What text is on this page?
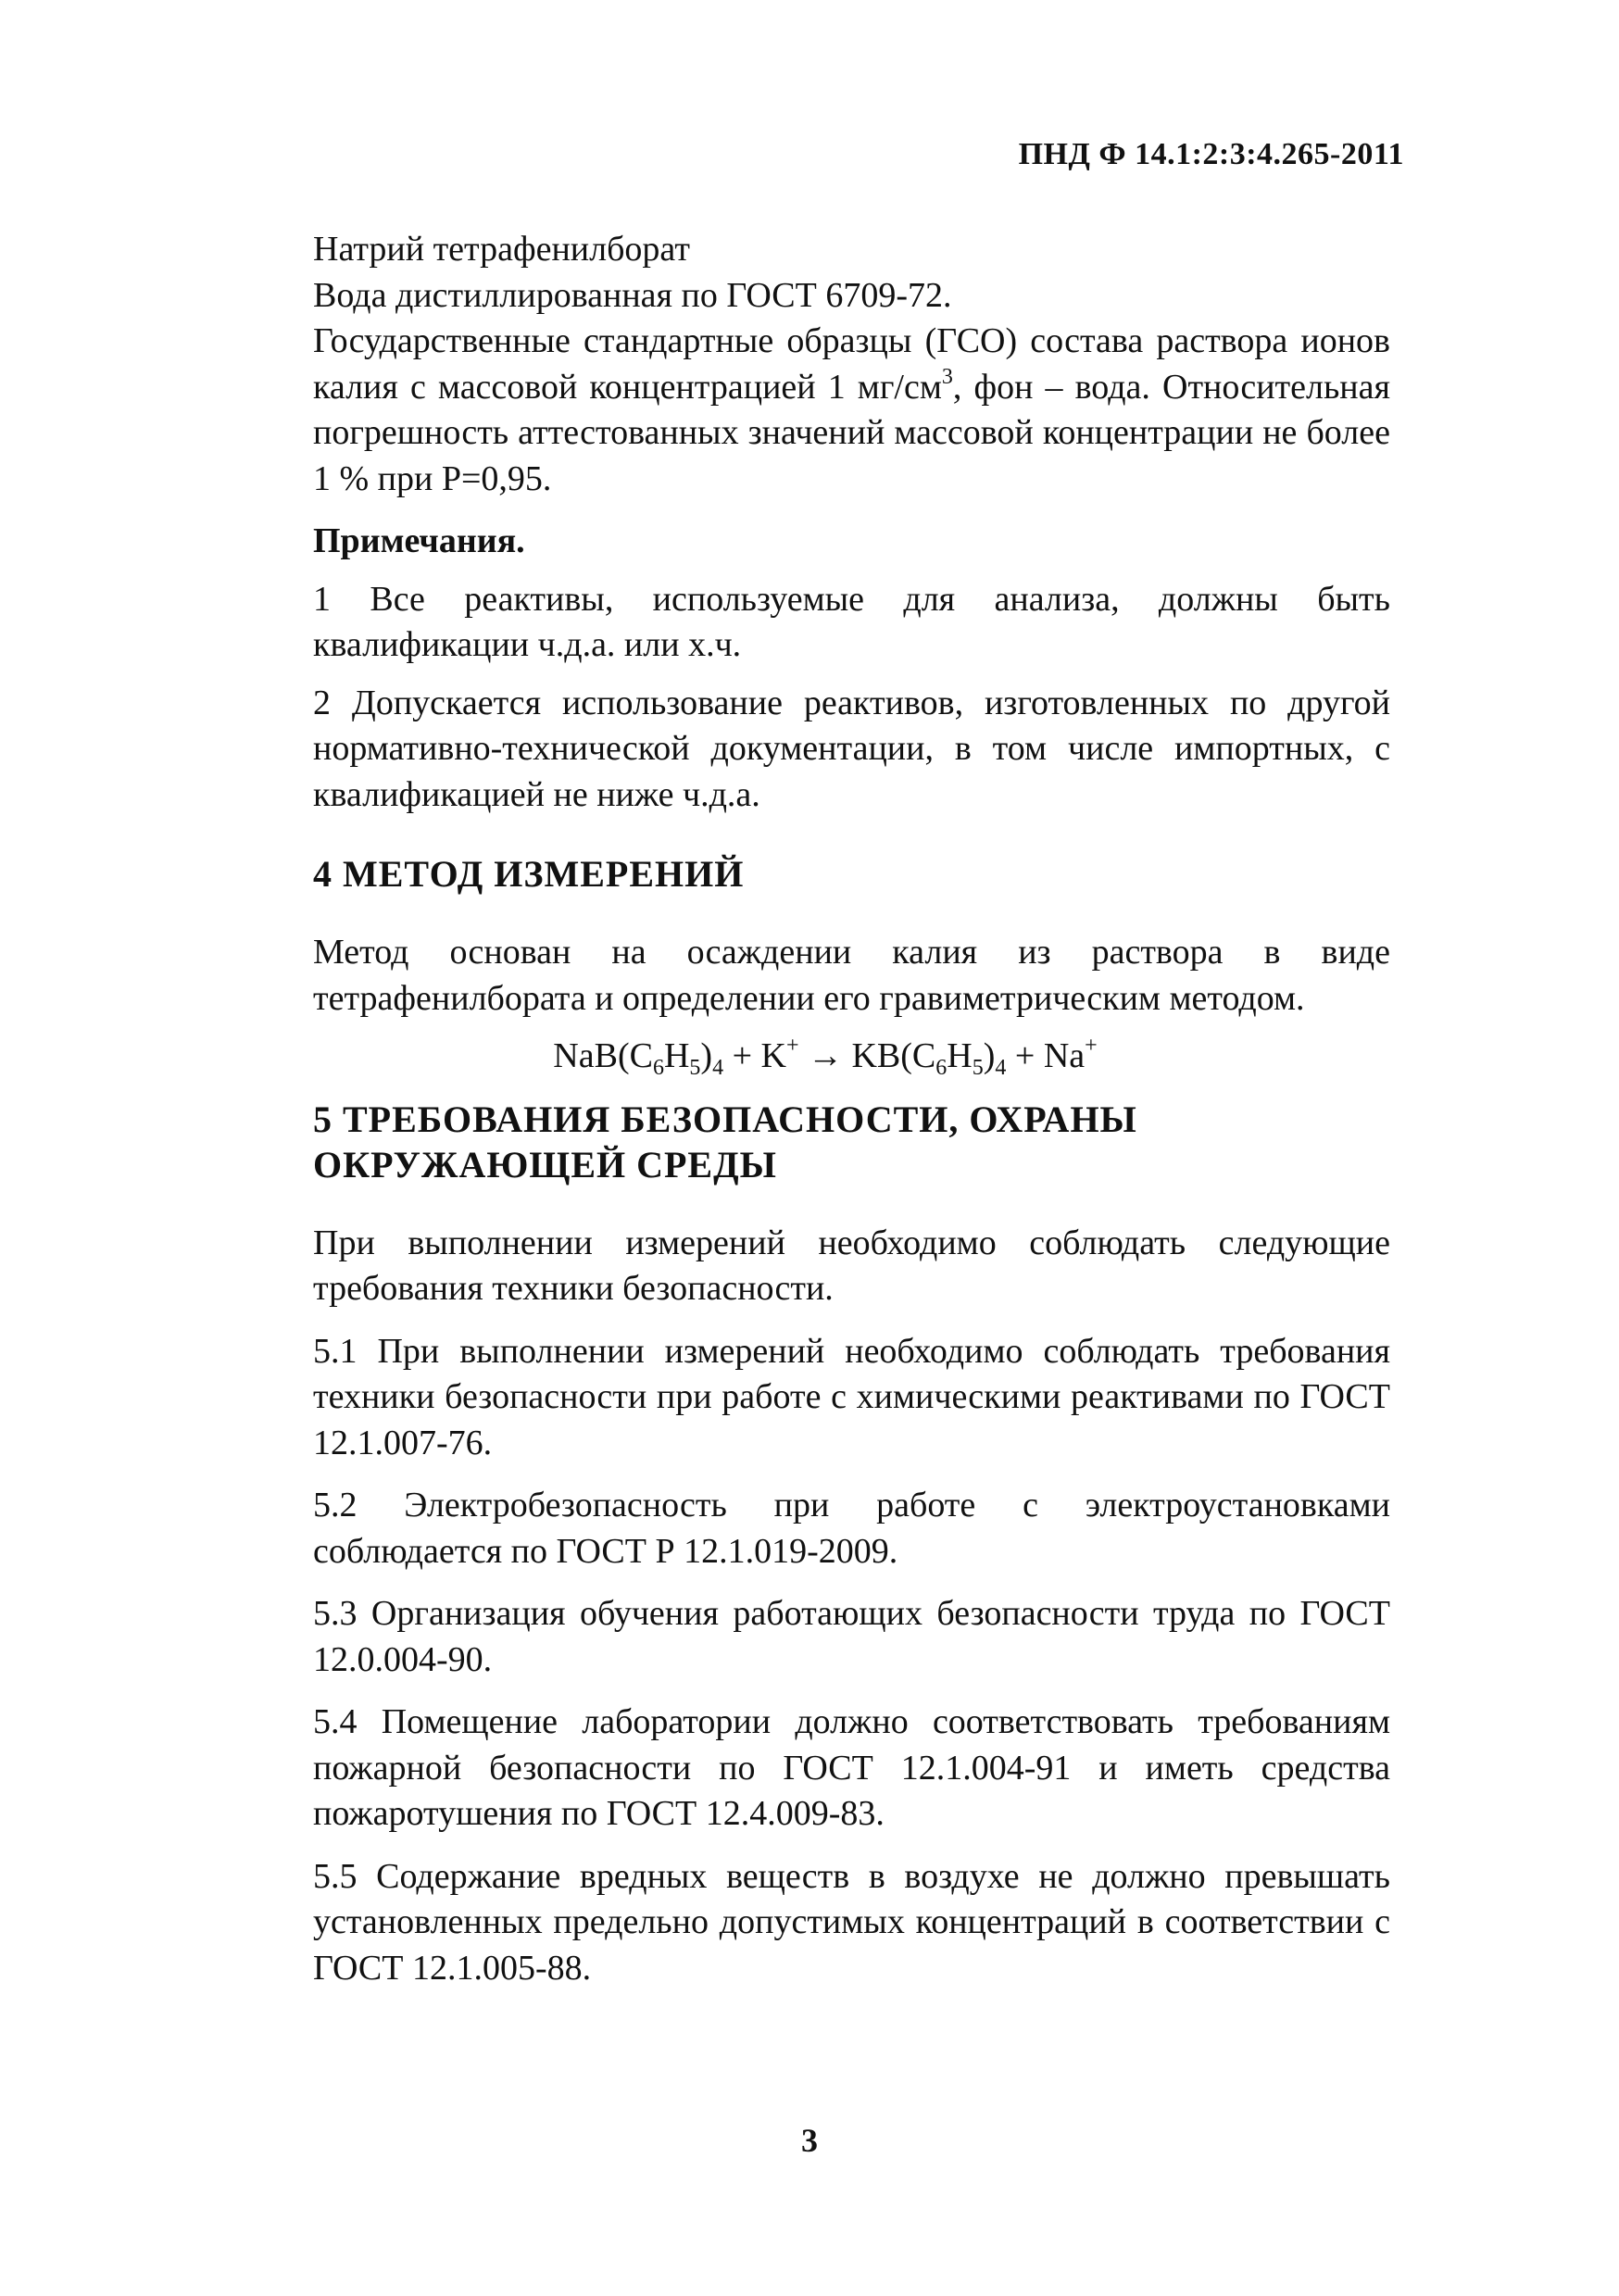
ПНД Ф 14.1:2:3:4.265-2011

Натрий тетрафенилборат

Вода дистиллированная по ГОСТ 6709-72.

Государственные стандартные образцы (ГСО) состава раствора ионов калия с массовой концентрацией 1 $мг/см^3$, фон – вода. Относительная погрешность аттестованных значений массовой концентрации не более 1 % при Р=0,95.

Примечания.

1 Все реактивы, используемые для анализа, должны быть квалификации ч.д.а. или х.ч.

2 Допускается использование реактивов, изготовленных по другой нормативно-технической документации, в том числе импортных, с квалификацией не ниже ч.д.а.

4 МЕТОД ИЗМЕРЕНИЙ

Метод основан на осаждении калия из раствора в виде тетрафенилбората и определении его гравиметрическим методом.

$NaB(C_6H_5)_4 + K^+ \to KB(C_6H_5)_4 + Na^+$

5 ТРЕБОВАНИЯ БЕЗОПАСНОСТИ, ОХРАНЫ
ОКРУЖАЮЩЕЙ СРЕДЫ

При выполнении измерений необходимо соблюдать следующие требования техники безопасности.

5.1 При выполнении измерений необходимо соблюдать требования техники безопасности при работе с химическими реактивами по ГОСТ 12.1.007-76.

5.2 Электробезопасность при работе с электроустановками соблюдается по ГОСТ Р 12.1.019-2009.

5.3 Организация обучения работающих безопасности труда по ГОСТ 12.0.004-90.

5.4 Помещение лаборатории должно соответствовать требованиям пожарной безопасности по ГОСТ 12.1.004-91 и иметь средства пожаротушения по ГОСТ 12.4.009-83.

5.5 Содержание вредных веществ в воздухе не должно превышать установленных предельно допустимых концентраций в соответствии с ГОСТ 12.1.005-88.

3
